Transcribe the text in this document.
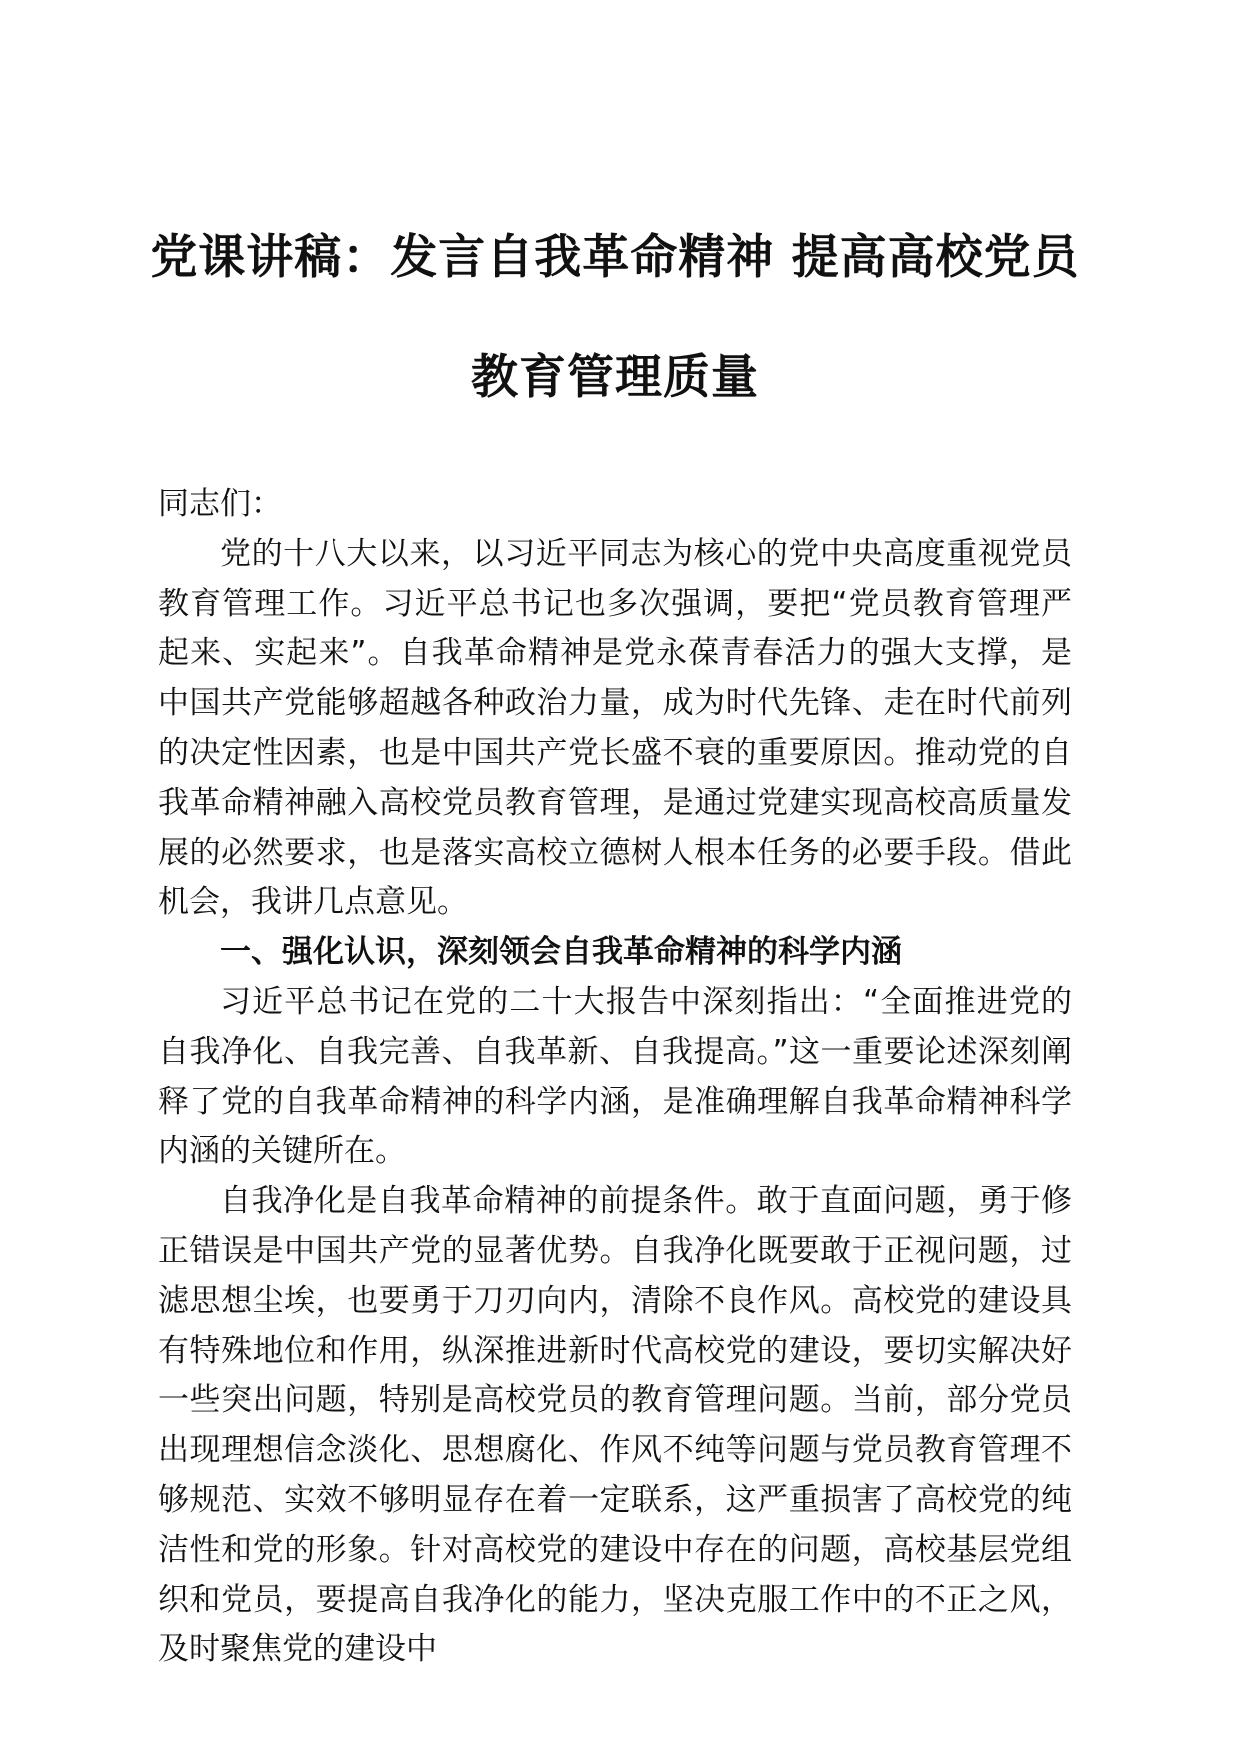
党课讲稿：发言自我革命精神 提高高校党员
教育管理质量

同志们：

党的十八大以来，以习近平同志为核心的党中央高度重视党员教育管理工作。习近平总书记也多次强调，要把“党员教育管理严起来、实起来”。自我革命精神是党永葆青春活力的强大支撑，是中国共产党能够超越各种政治力量，成为时代先锋、走在时代前列的决定性因素，也是中国共产党长盛不衰的重要原因。推动党的自我革命精神融入高校党员教育管理，是通过党建实现高校高质量发展的必然要求，也是落实高校立德树人根本任务的必要手段。借此机会，我讲几点意见。

一、强化认识，深刻领会自我革命精神的科学内涵

习近平总书记在党的二十大报告中深刻指出：“全面推进党的自我净化、自我完善、自我革新、自我提高。”这一重要论述深刻阐释了党的自我革命精神的科学内涵，是准确理解自我革命精神科学内涵的关键所在。

自我净化是自我革命精神的前提条件。敢于直面问题，勇于修正错误是中国共产党的显著优势。自我净化既要敢于正视问题，过滤思想尘埃，也要勇于刀刃向内，清除不良作风。高校党的建设具有特殊地位和作用，纵深推进新时代高校党的建设，要切实解决好一些突出问题，特别是高校党员的教育管理问题。当前，部分党员出现理想信念淡化、思想腐化、作风不纯等问题与党员教育管理不够规范、实效不够明显存在着一定联系，这严重损害了高校党的纯洁性和党的形象。针对高校党的建设中存在的问题，高校基层党组织和党员，要提高自我净化的能力，坚决克服工作中的不正之风，及时聚焦党的建设中
